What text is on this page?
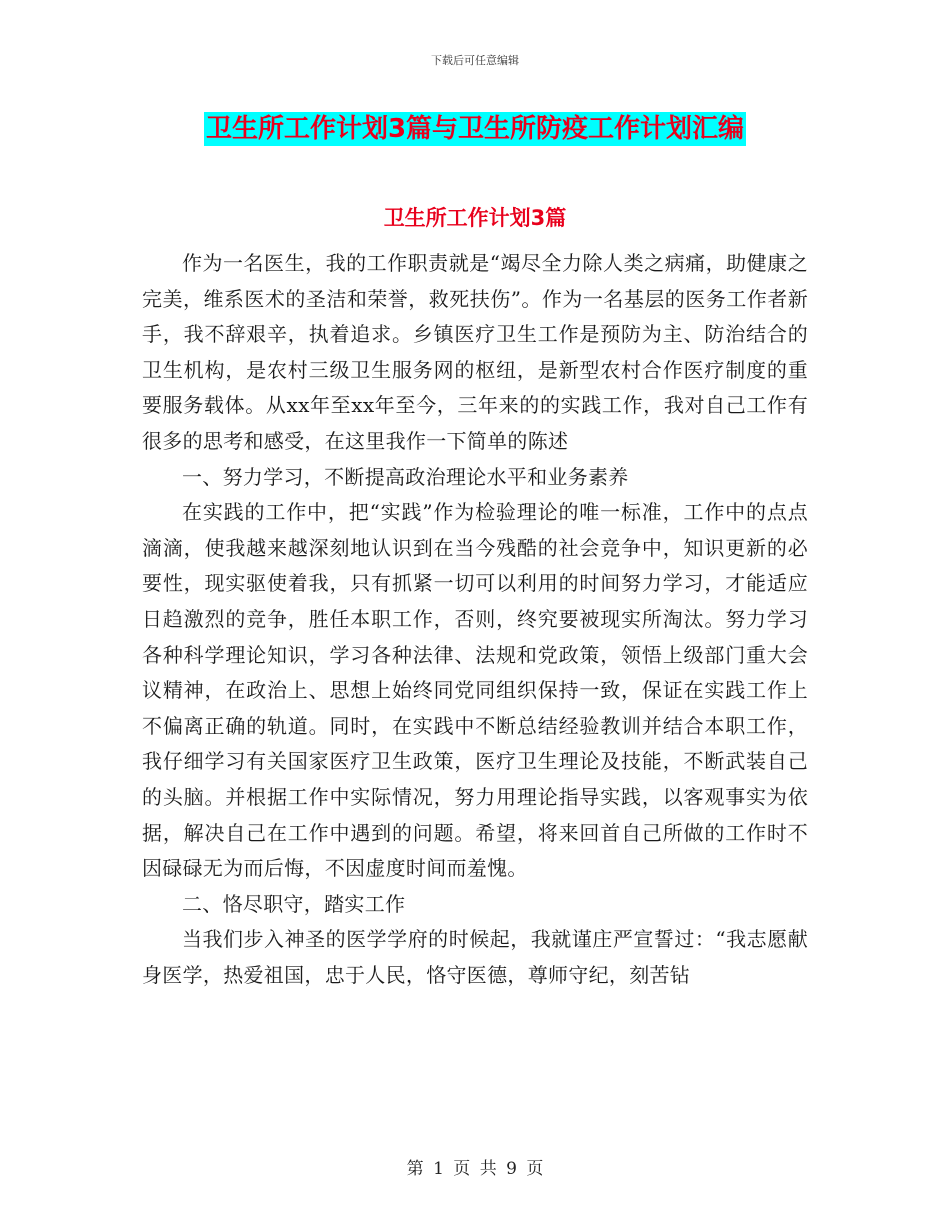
下载后可任意编辑
卫生所工作计划3篇与卫生所防疫工作计划汇编
卫生所工作计划3篇

作为一名医生，我的工作职责就是“竭尽全力除人类之病痛，助健康之完美，维系医术的圣洁和荣誉，救死扶伤”。作为一名基层的医务工作者新手，我不辞艰辛，执着追求。乡镇医疗卫生工作是预防为主、防治结合的卫生机构，是农村三级卫生服务网的枢纽，是新型农村合作医疗制度的重要服务载体。从xx年至xx年至今，三年来的的实践工作，我对自己工作有很多的思考和感受，在这里我作一下简单的陈述

一、努力学习，不断提高政治理论水平和业务素养

在实践的工作中，把“实践”作为检验理论的唯一标准，工作中的点点滴滴，使我越来越深刻地认识到在当今残酷的社会竞争中，知识更新的必要性，现实驱使着我，只有抓紧一切可以利用的时间努力学习，才能适应日趋激烈的竞争，胜任本职工作，否则，终究要被现实所淘汰。努力学习各种科学理论知识，学习各种法律、法规和党政策，领悟上级部门重大会议精神，在政治上、思想上始终同党同组织保持一致，保证在实践工作上不偏离正确的轨道。同时，在实践中不断总结经验教训并结合本职工作，我仔细学习有关国家医疗卫生政策，医疗卫生理论及技能，不断武装自己的头脑。并根据工作中实际情况，努力用理论指导实践，以客观事实为依据，解决自己在工作中遇到的问题。希望，将来回首自己所做的工作时不因碌碌无为而后悔，不因虚度时间而羞愧。

二、恪尽职守，踏实工作

当我们步入神圣的医学学府的时候起，我就谨庄严宣誓过：“我志愿献身医学，热爱祖国，忠于人民，恪守医德，尊师守纪，刻苦钻

第 1 页 共 9 页
